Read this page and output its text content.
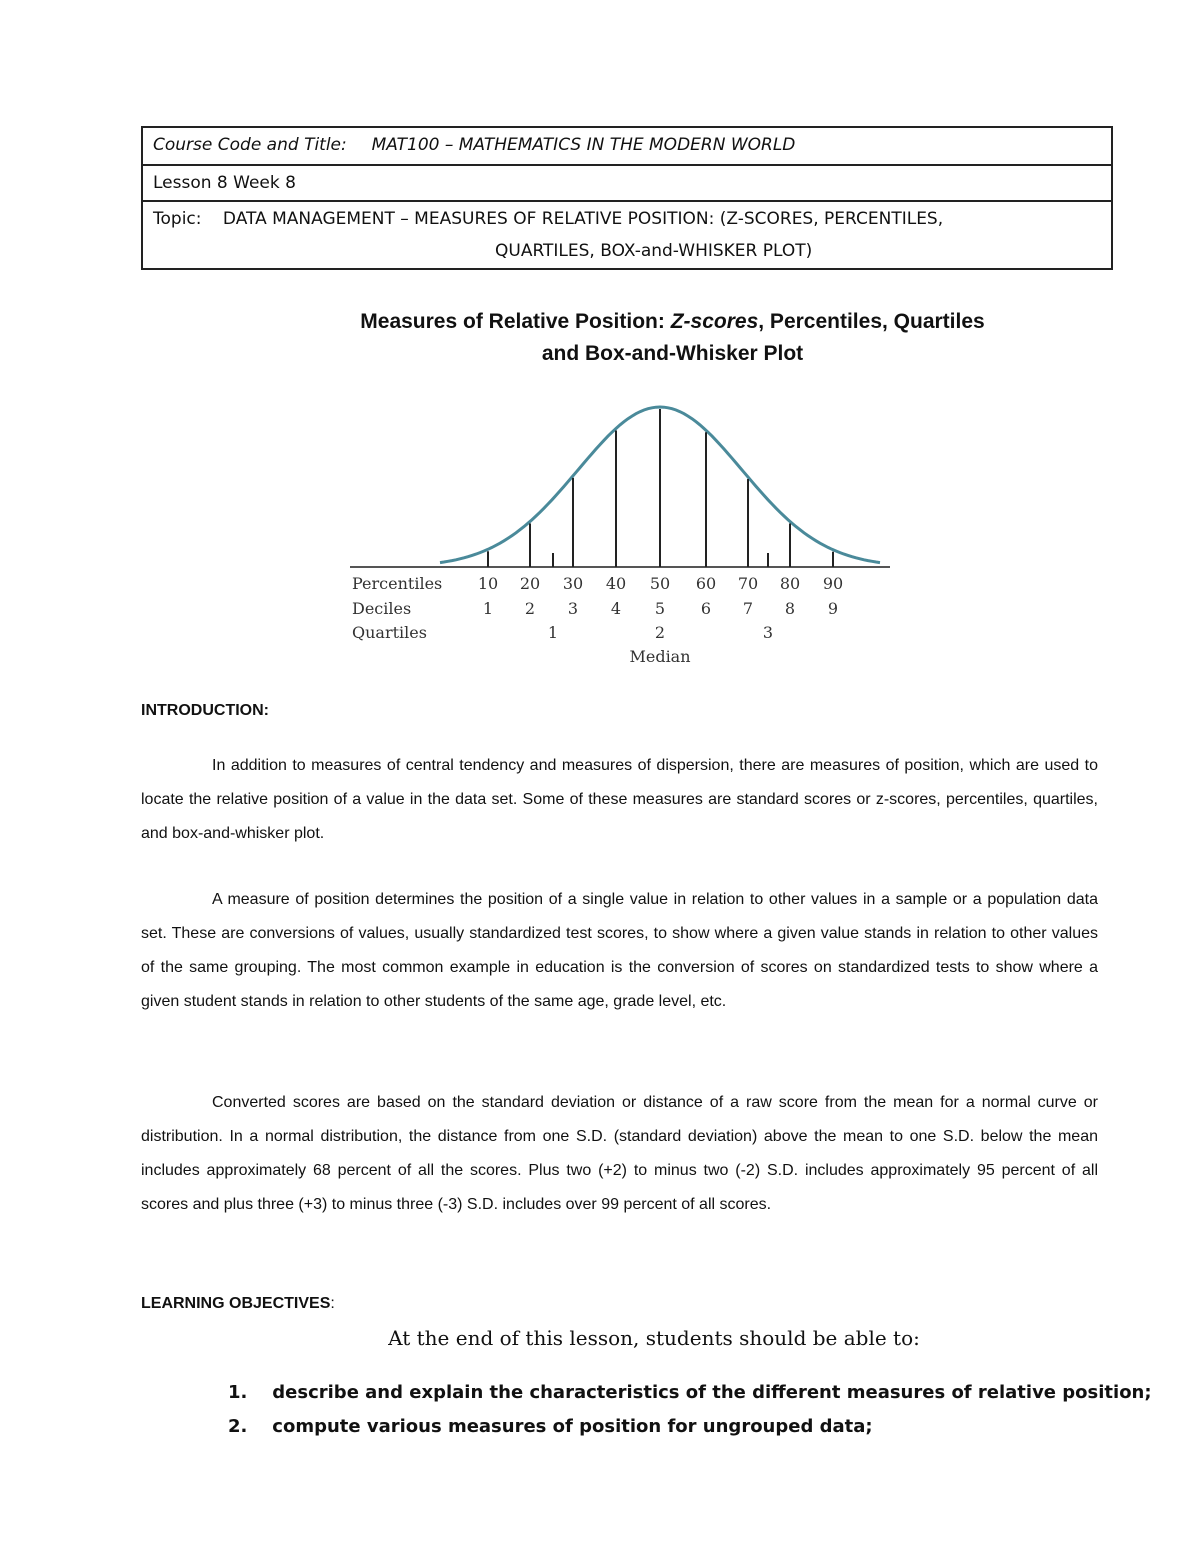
Course Code and Title: MAT100 – MATHEMATICS IN THE MODERN WORLD
Lesson 8 Week 8
Topic: DATA MANAGEMENT – MEASURES OF RELATIVE POSITION: (Z-SCORES, PERCENTILES,
QUARTILES, BOX-and-WHISKER PLOT)
Measures of Relative Position: Z-scores, Percentiles, Quartiles
and Box-and-Whisker Plot
Percentiles
Deciles
Quartiles
10
1
20
2
30
3
40
4
50
5
60
6
70
7
80
8
90
9
1	2	3
Median
INTRODUCTION:

In addition to measures of central tendency and measures of dispersion, there are measures of position, which are used to locate the relative position of a value in the data set. Some of these measures are standard scores or z-scores, percentiles, quartiles, and box-and-whisker plot.

A measure of position determines the position of a single value in relation to other values in a sample or a population data set. These are conversions of values, usually standardized test scores, to show where a given value stands in relation to other values of the same grouping. The most common example in education is the conversion of scores on standardized tests to show where a given student stands in relation to other students of the same age, grade level, etc.

Converted scores are based on the standard deviation or distance of a raw score from the mean for a normal curve or distribution. In a normal distribution, the distance from one S.D. (standard deviation) above the mean to one S.D. below the mean includes approximately 68 percent of all the scores. Plus two (+2) to minus two (-2) S.D. includes approximately 95 percent of all scores and plus three (+3) to minus three (-3) S.D. includes over 99 percent of all scores.

LEARNING OBJECTIVES:
At the end of this lesson, students should be able to:
1. describe and explain the characteristics of the different measures of relative position;
2. compute various measures of position for ungrouped data;
